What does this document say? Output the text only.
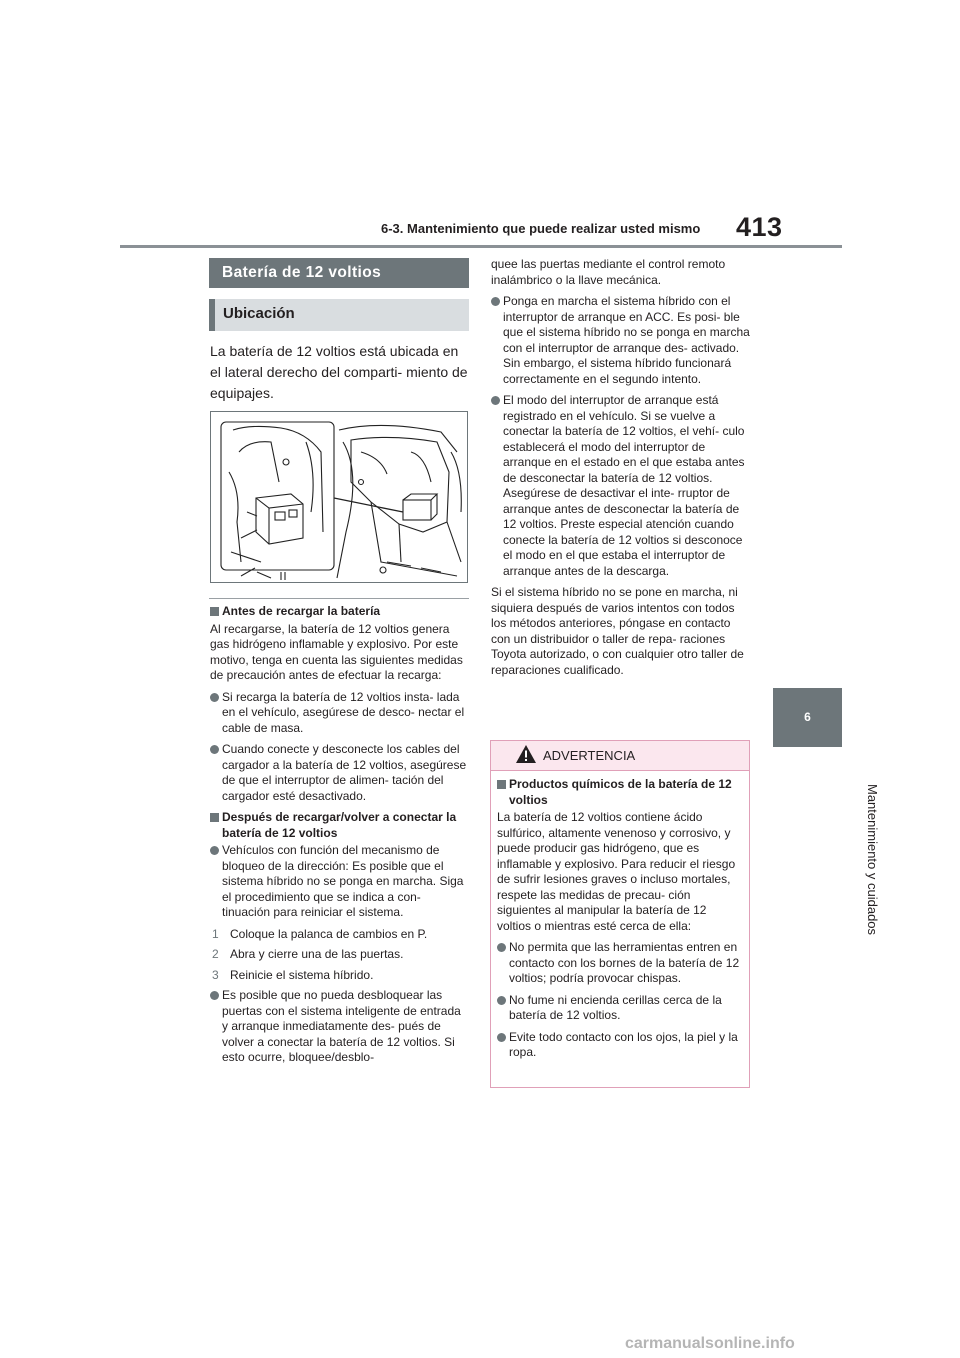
413
6-3. Mantenimiento que puede realizar usted mismo
6
Mantenimiento y cuidados
Batería de 12 voltios
Ubicación
La batería de 12 voltios está ubicada en el lateral derecho del comparti- miento de equipajes.
Antes de recargar la batería

Al recargarse, la batería de 12 voltios genera gas hidrógeno inflamable y explosivo. Por este motivo, tenga en cuenta las siguientes medidas de precaución antes de efectuar la recarga:

Si recarga la batería de 12 voltios insta- lada en el vehículo, asegúrese de desco- nectar el cable de masa.
Cuando conecte y desconecte los cables del cargador a la batería de 12 voltios, asegúrese de que el interruptor de alimen- tación del cargador esté desactivado.
Después de recargar/volver a conectar la batería de 12 voltios
Vehículos con función del mecanismo de bloqueo de la dirección: Es posible que el sistema híbrido no se ponga en marcha. Siga el procedimiento que se indica a con- tinuación para reiniciar el sistema.
1 Coloque la palanca de cambios en P.
2 Abra y cierre una de las puertas.
3 Reinicie el sistema híbrido.
Es posible que no pueda desbloquear las puertas con el sistema inteligente de entrada y arranque inmediatamente des- pués de volver a conectar la batería de 12 voltios. Si esto ocurre, bloquee/desblo-

quee las puertas mediante el control remoto inalámbrico o la llave mecánica.

Ponga en marcha el sistema híbrido con el interruptor de arranque en ACC. Es posi- ble que el sistema híbrido no se ponga en marcha con el interruptor de arranque des- activado. Sin embargo, el sistema híbrido funcionará correctamente en el segundo intento.
El modo del interruptor de arranque está registrado en el vehículo. Si se vuelve a conectar la batería de 12 voltios, el vehí- culo establecerá el modo del interruptor de arranque en el estado en el que estaba antes de desconectar la batería de 12 voltios. Asegúrese de desactivar el inte- rruptor de arranque antes de desconectar la batería de 12 voltios. Preste especial atención cuando conecte la batería de 12 voltios si desconoce el modo en el que estaba el interruptor de arranque antes de la descarga.

Si el sistema híbrido no se pone en marcha, ni siquiera después de varios intentos con todos los métodos anteriores, póngase en contacto con un distribuidor o taller de repa- raciones Toyota autorizado, o con cualquier otro taller de reparaciones cualificado.

ADVERTENCIA
Productos químicos de la batería de 12 voltios

La batería de 12 voltios contiene ácido sulfúrico, altamente venenoso y corrosivo, y puede producir gas hidrógeno, que es inflamable y explosivo. Para reducir el riesgo de sufrir lesiones graves o incluso mortales, respete las medidas de precau- ción siguientes al manipular la batería de 12 voltios o mientras esté cerca de ella:

No permita que las herramientas entren en contacto con los bornes de la batería de 12 voltios; podría provocar chispas.
No fume ni encienda cerillas cerca de la batería de 12 voltios.
Evite todo contacto con los ojos, la piel y la ropa.
carmanualsonline.info
